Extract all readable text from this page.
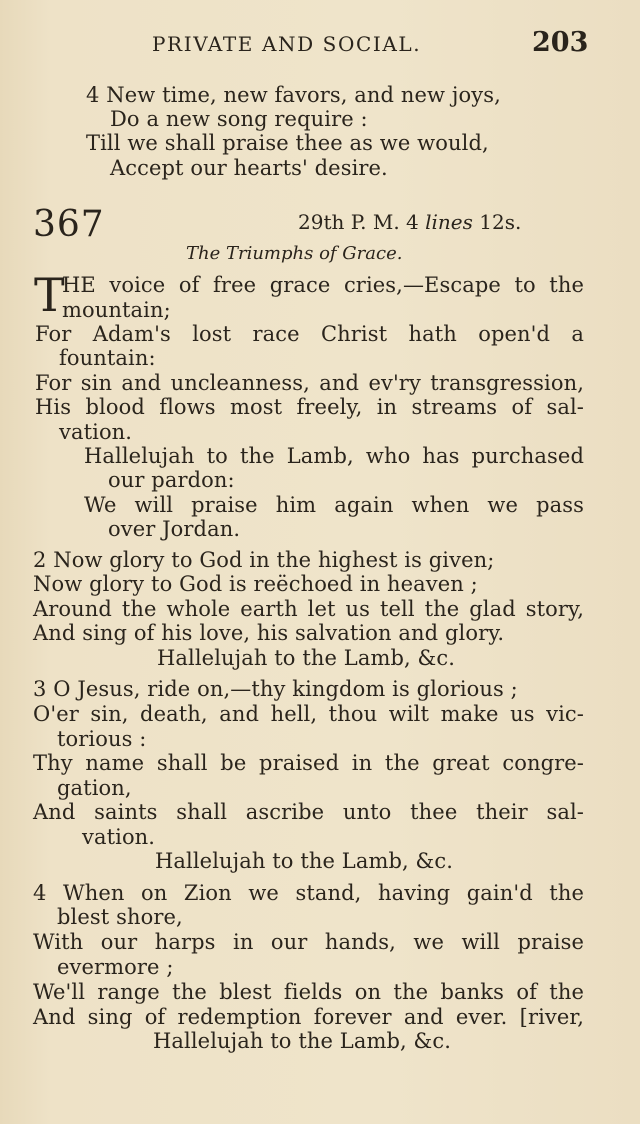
PRIVATE AND SOCIAL.	203
4 New time, new favors, and new joys,
Do a new song require :
Till we shall praise thee as we would,
Accept our hearts' desire.
367	29th P. M. 4 lines 12s.
The Triumphs of Grace.
T
HE voice of free grace cries,—Escape to the
mountain;
For Adam's lost race Christ hath open'd a
fountain:
For sin and uncleanness, and ev'ry transgression,
His blood flows most freely, in streams of sal-
vation.
Hallelujah to the Lamb, who has purchased
our pardon:
We will praise him again when we pass
over Jordan.
2 Now glory to God in the highest is given;
Now glory to God is reëchoed in heaven ;
Around the whole earth let us tell the glad story,
And sing of his love, his salvation and glory.
Hallelujah to the Lamb, &c.
3 O Jesus, ride on,—thy kingdom is glorious ;
O'er sin, death, and hell, thou wilt make us vic-
torious :
Thy name shall be praised in the great congre-
gation,
And saints shall ascribe unto thee their sal-
vation.
Hallelujah to the Lamb, &c.
4 When on Zion we stand, having gain'd the
blest shore,
With our harps in our hands, we will praise
evermore ;
We'll range the blest fields on the banks of the
And sing of redemption forever and ever. [river,
Hallelujah to the Lamb, &c.
